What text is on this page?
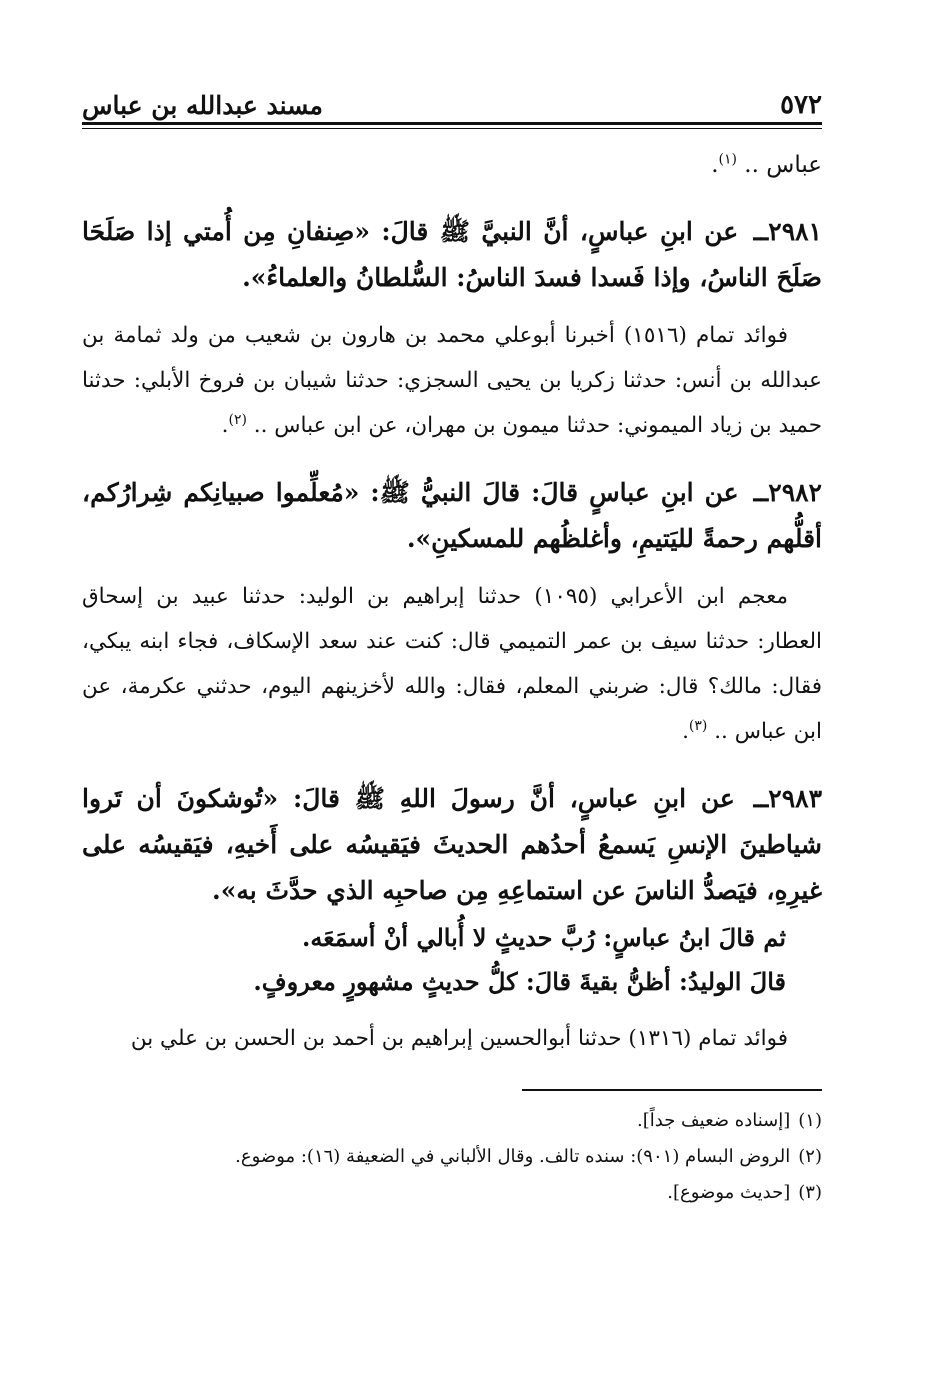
٥٧٢
مسند عبدالله بن عباس
عباس .. $^{(١)}$.
٢٩٨١ــ عن ابنِ عباسٍ، أنَّ النبيَّ ﷺ قالَ: «صِنفانِ مِن أُمتي إذا صَلَحَا صَلَحَ الناسُ، وإذا فَسدا فسدَ الناسُ: السُّلطانُ والعلماءُ».
فوائد تمام (١٥١٦) أخبرنا أبوعلي محمد بن هارون بن شعيب من ولد ثمامة بن عبدالله بن أنس: حدثنا زكريا بن يحيى السجزي: حدثنا شيبان بن فروخ الأبلي: حدثنا حميد بن زياد الميموني: حدثنا ميمون بن مهران، عن ابن عباس .. $^{(٢)}$.
٢٩٨٢ــ عن ابنِ عباسٍ قالَ: قالَ النبيُّ ﷺ: «مُعلِّموا صبيانِكم شِرارُكم، أقلُّهم رحمةً لليَتيمِ، وأغلظُهم للمسكينِ».
معجم ابن الأعرابي (١٠٩٥) حدثنا إبراهيم بن الوليد: حدثنا عبيد بن إسحاق العطار: حدثنا سيف بن عمر التميمي قال: كنت عند سعد الإسكاف، فجاء ابنه يبكي، فقال: مالك؟ قال: ضربني المعلم، فقال: والله لأخزينهم اليوم، حدثني عكرمة، عن ابن عباس .. $^{(٣)}$.
٢٩٨٣ــ عن ابنِ عباسٍ، أنَّ رسولَ اللهِ ﷺ قالَ: «تُوشكونَ أن تَروا شياطينَ الإنسِ يَسمعُ أحدُهم الحديثَ فيَقيسُه على أَخيهِ، فيَقيسُه على غيرِهِ، فيَصدُّ الناسَ عن استماعِهِ مِن صاحبِه الذي حدَّثَ به».
ثم قالَ ابنُ عباسٍ: رُبَّ حديثٍ لا أُبالي أنْ أسمَعَه.
قالَ الوليدُ: أظنُّ بقيةَ قالَ: كلُّ حديثٍ مشهورٍ معروفٍ.
فوائد تمام (١٣١٦) حدثنا أبوالحسين إبراهيم بن أحمد بن الحسن بن علي بن
(١)[إسناده ضعيف جداً].
(٢)الروض البسام (٩٠١): سنده تالف. وقال الألباني في الضعيفة (١٦): موضوع.
(٣)[حديث موضوع].
